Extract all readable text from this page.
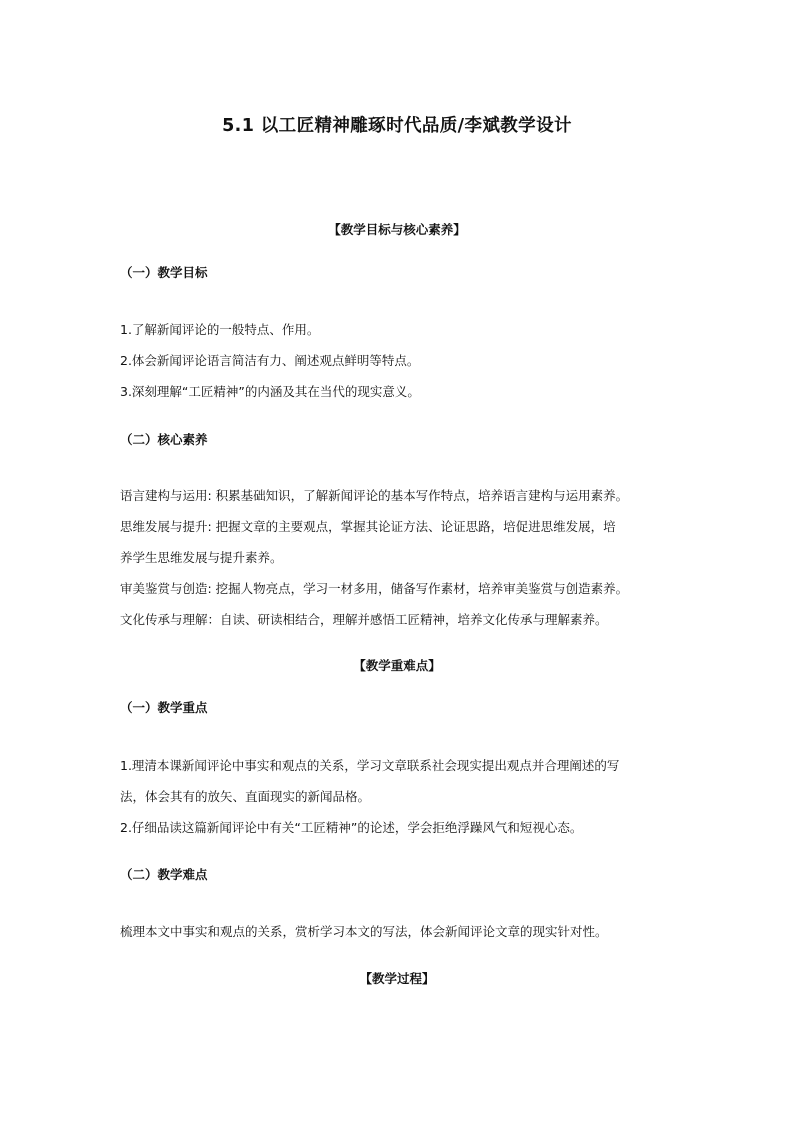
5.1 以工匠精神雕琢时代品质/李斌教学设计
【教学目标与核心素养】
（一）教学目标
1.了解新闻评论的一般特点、作用。
2.体会新闻评论语言简洁有力、阐述观点鲜明等特点。
3.深刻理解“工匠精神”的内涵及其在当代的现实意义。
（二）核心素养
语言建构与运用: 积累基础知识，了解新闻评论的基本写作特点，培养语言建构与运用素养。
思维发展与提升: 把握文章的主要观点，掌握其论证方法、论证思路，培促进思维发展，培
养学生思维发展与提升素养。
审美鉴赏与创造: 挖掘人物亮点，学习一材多用，储备写作素材，培养审美鉴赏与创造素养。
文化传承与理解：自读、研读相结合，理解并感悟工匠精神，培养文化传承与理解素养。
【教学重难点】
（一）教学重点
1.理清本课新闻评论中事实和观点的关系，学习文章联系社会现实提出观点并合理阐述的写
法，体会其有的放矢、直面现实的新闻品格。
2.仔细品读这篇新闻评论中有关“工匠精神”的论述，学会拒绝浮躁风气和短视心态。
（二）教学难点
梳理本文中事实和观点的关系，赏析学习本文的写法，体会新闻评论文章的现实针对性。
【教学过程】
